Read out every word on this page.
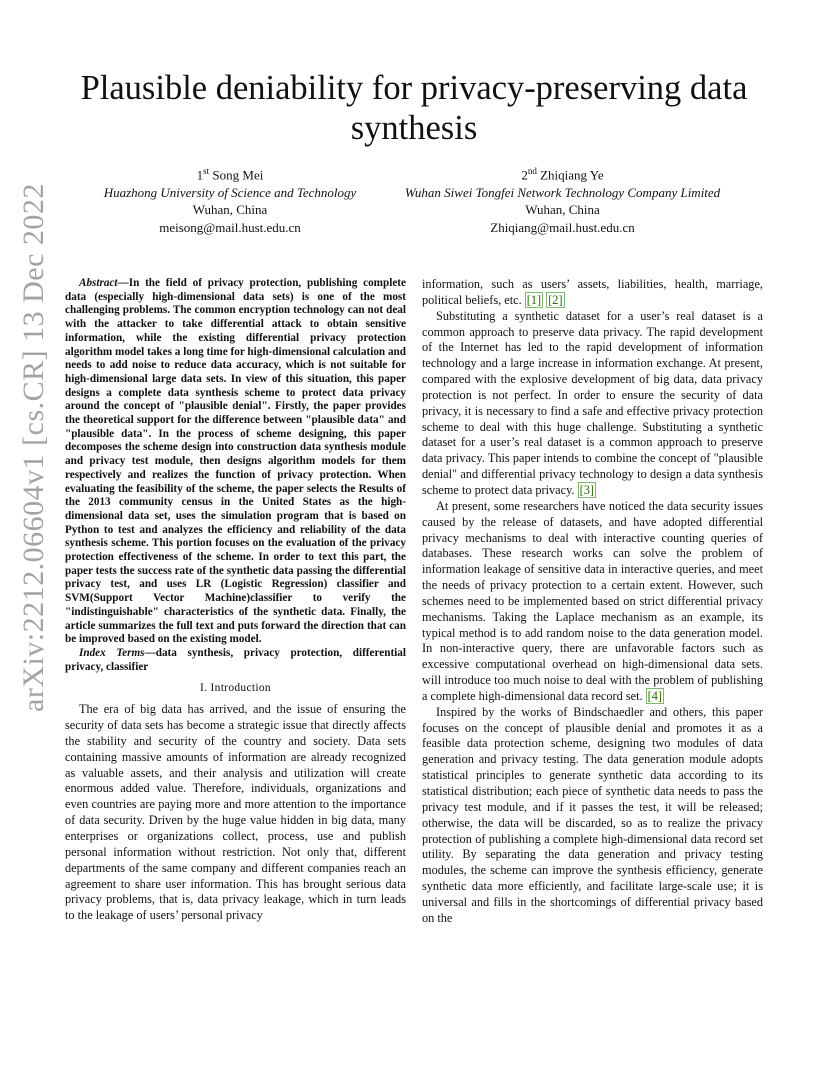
arXiv:2212.06604v1 [cs.CR] 13 Dec 2022
Plausible deniability for privacy-preserving data synthesis
1st Song Mei
Huazhong University of Science and Technology
Wuhan, China
meisong@mail.hust.edu.cn
2nd Zhiqiang Ye
Wuhan Siwei Tongfei Network Technology Company Limited
Wuhan, China
Zhiqiang@mail.hust.edu.cn

Abstract—In the field of privacy protection, publishing complete data (especially high-dimensional data sets) is one of the most challenging problems. The common encryption technology can not deal with the attacker to take differential attack to obtain sensitive information, while the existing differential privacy protection algorithm model takes a long time for high-dimensional calculation and needs to add noise to reduce data accuracy, which is not suitable for high-dimensional large data sets. In view of this situation, this paper designs a complete data synthesis scheme to protect data privacy around the concept of "plausible denial". Firstly, the paper provides the theoretical support for the difference between "plausible data" and "plausible data". In the process of scheme designing, this paper decomposes the scheme design into construction data synthesis module and privacy test module, then designs algorithm models for them respectively and realizes the function of privacy protection. When evaluating the feasibility of the scheme, the paper selects the Results of the 2013 community census in the United States as the high-dimensional data set, uses the simulation program that is based on Python to test and analyzes the efficiency and reliability of the data synthesis scheme. This portion focuses on the evaluation of the privacy protection effectiveness of the scheme. In order to text this part, the paper tests the success rate of the synthetic data passing the differential privacy test, and uses LR (Logistic Regression) classifier and SVM(Support Vector Machine)classifier to verify the "indistinguishable" characteristics of the synthetic data. Finally, the article summarizes the full text and puts forward the direction that can be improved based on the existing model.

Index Terms—data synthesis, privacy protection, differential privacy, classifier

I. Introduction

The era of big data has arrived, and the issue of ensuring the security of data sets has become a strategic issue that directly affects the stability and security of the country and society. Data sets containing massive amounts of information are already recognized as valuable assets, and their analysis and utilization will create enormous added value. Therefore, individuals, organizations and even countries are paying more and more attention to the importance of data security. Driven by the huge value hidden in big data, many enterprises or organizations collect, process, use and publish personal information without restriction. Not only that, different departments of the same company and different companies reach an agreement to share user information. This has brought serious data privacy problems, that is, data privacy leakage, which in turn leads to the leakage of users’ personal privacy

information, such as users’ assets, liabilities, health, marriage, political beliefs, etc. [1] [2]

Substituting a synthetic dataset for a user’s real dataset is a common approach to preserve data privacy. The rapid development of the Internet has led to the rapid development of information technology and a large increase in information exchange. At present, compared with the explosive development of big data, data privacy protection is not perfect. In order to ensure the security of data privacy, it is necessary to find a safe and effective privacy protection scheme to deal with this huge challenge. Substituting a synthetic dataset for a user’s real dataset is a common approach to preserve data privacy. This paper intends to combine the concept of "plausible denial" and differential privacy technology to design a data synthesis scheme to protect data privacy. [3]

At present, some researchers have noticed the data security issues caused by the release of datasets, and have adopted differential privacy mechanisms to deal with interactive counting queries of databases. These research works can solve the problem of information leakage of sensitive data in interactive queries, and meet the needs of privacy protection to a certain extent. However, such schemes need to be implemented based on strict differential privacy mechanisms. Taking the Laplace mechanism as an example, its typical method is to add random noise to the data generation model. In non-interactive query, there are unfavorable factors such as excessive computational overhead on high-dimensional data sets. will introduce too much noise to deal with the problem of publishing a complete high-dimensional data record set. [4]

Inspired by the works of Bindschaedler and others, this paper focuses on the concept of plausible denial and promotes it as a feasible data protection scheme, designing two modules of data generation and privacy testing. The data generation module adopts statistical principles to generate synthetic data according to its statistical distribution; each piece of synthetic data needs to pass the privacy test module, and if it passes the test, it will be released; otherwise, the data will be discarded, so as to realize the privacy protection of publishing a complete high-dimensional data record set utility. By separating the data generation and privacy testing modules, the scheme can improve the synthesis efficiency, generate synthetic data more efficiently, and facilitate large-scale use; it is universal and fills in the shortcomings of differential privacy based on the
